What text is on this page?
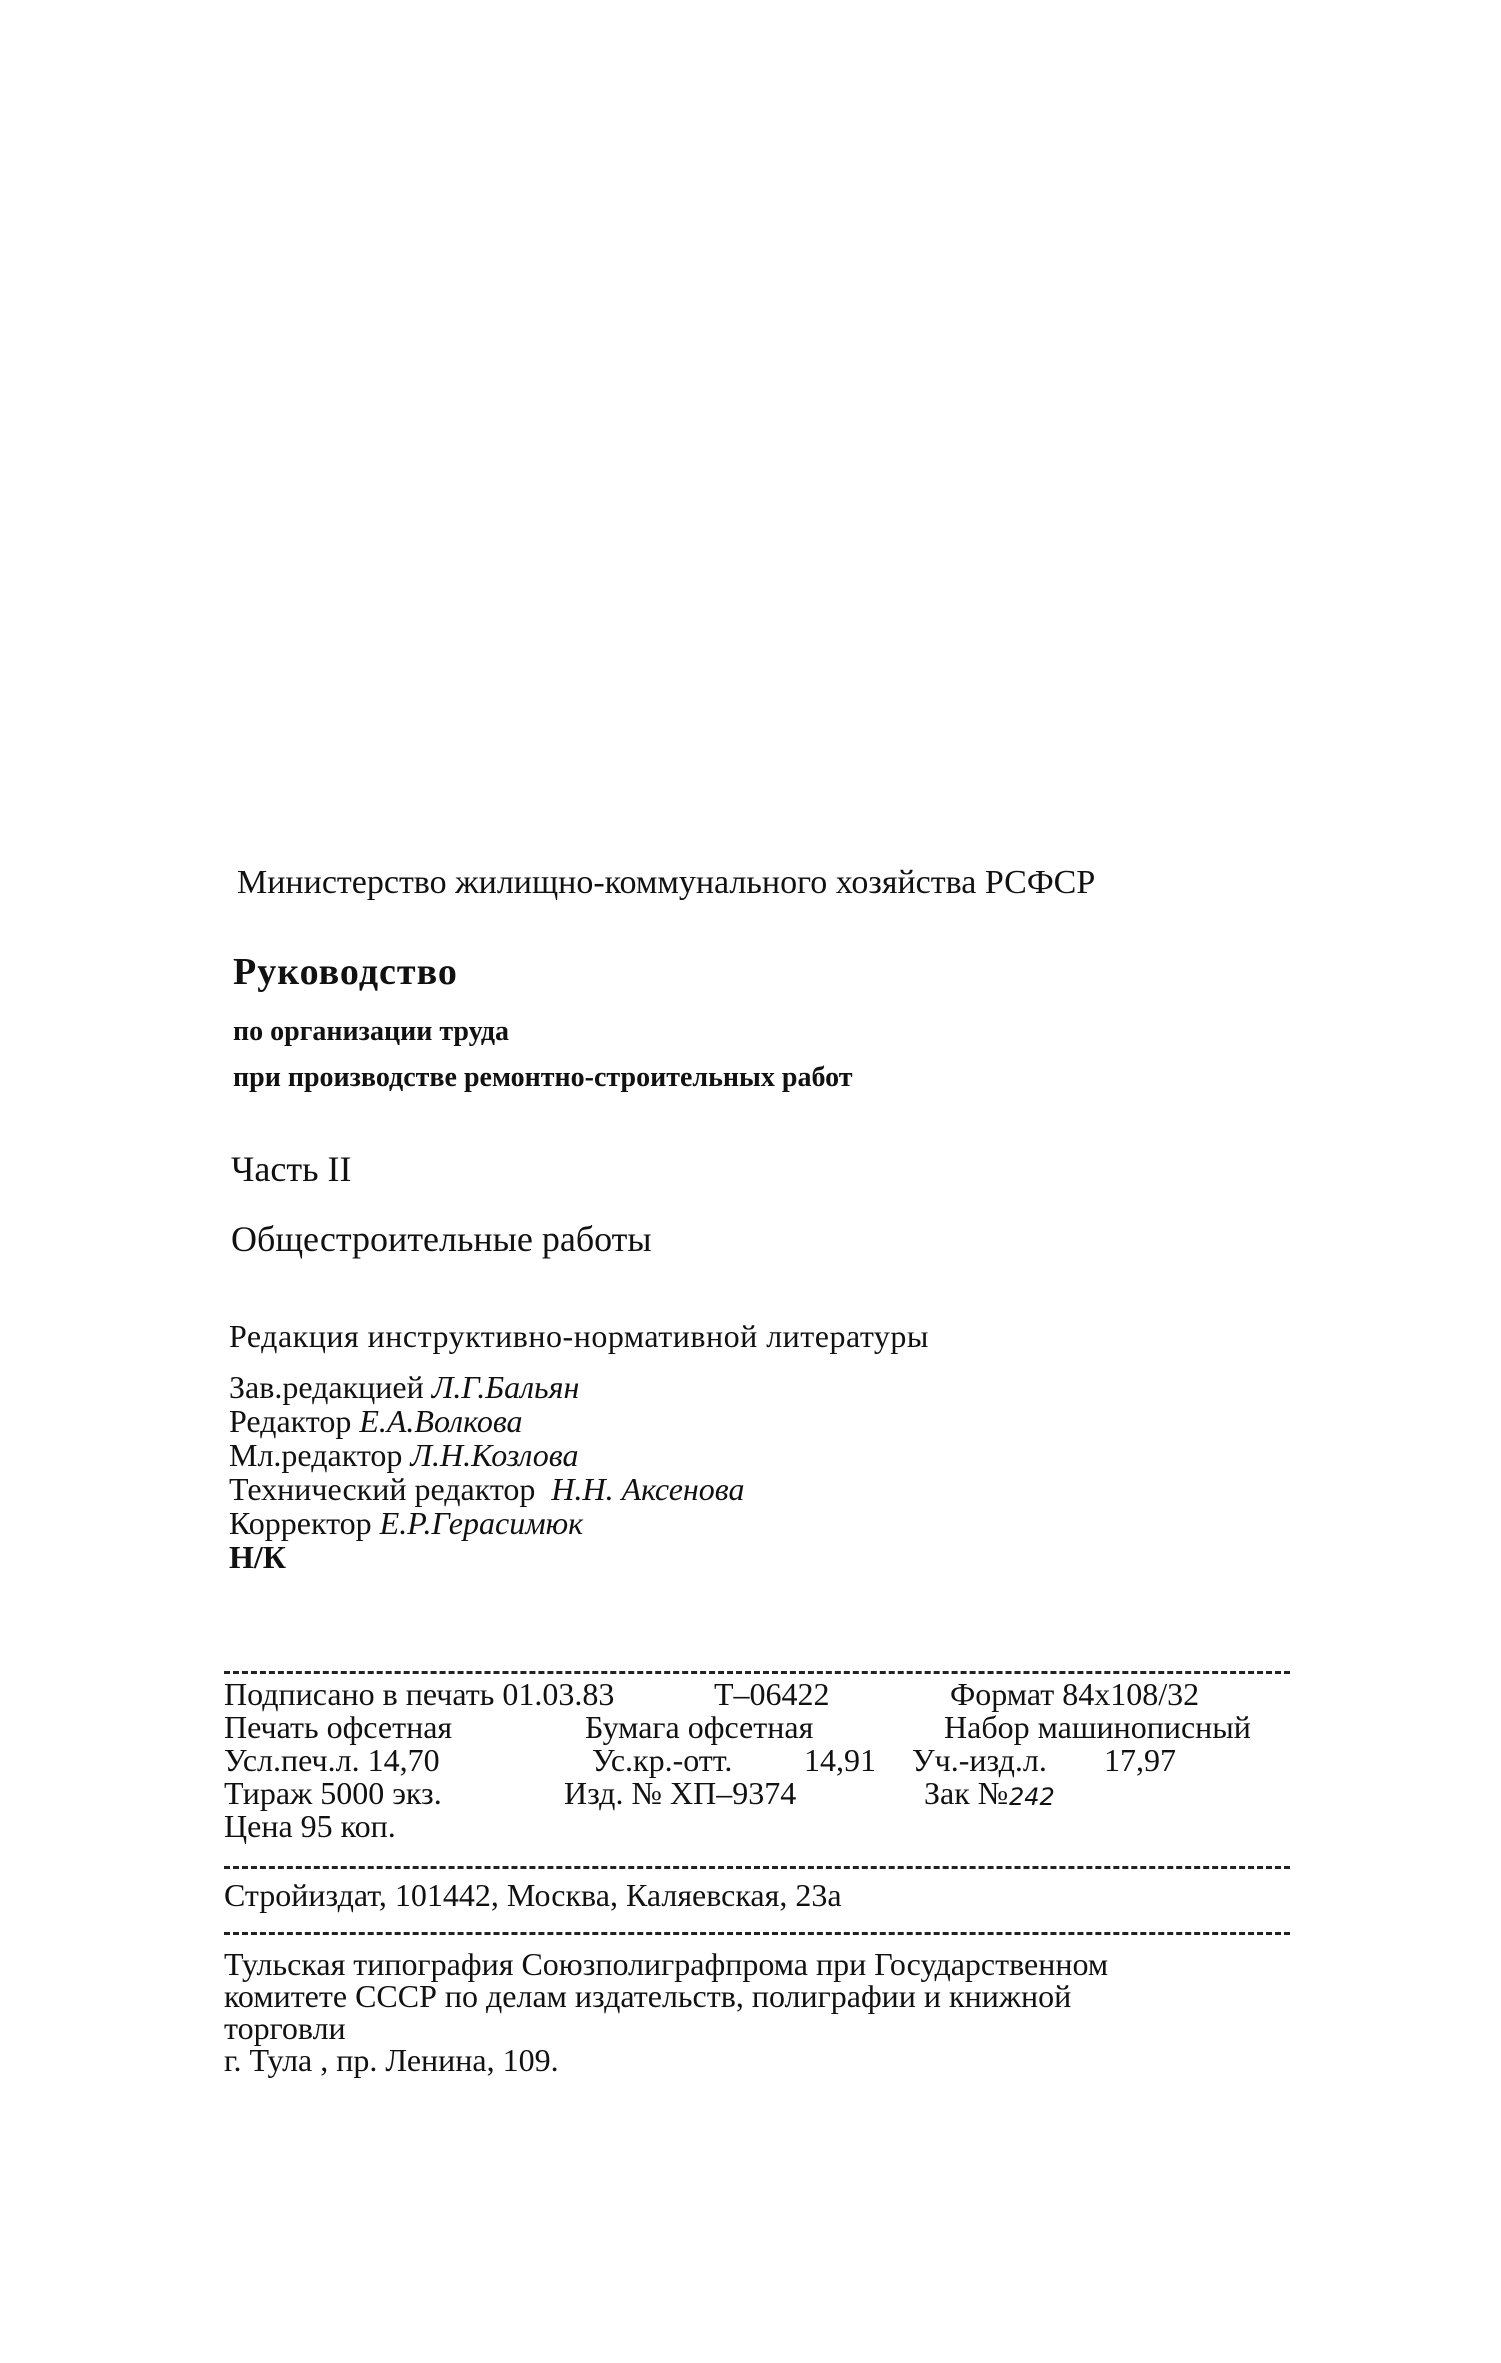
Министерство жилищно-коммунального хозяйства РСФСР
Руководство
по организации труда
при производстве ремонтно-строительных работ
Часть II
Общестроительные работы
Редакция инструктивно-нормативной литературы
Зав.редакцией Л.Г.Бальян
Редактор Е.А.Волкова
Мл.редактор Л.Н.Козлова
Технический редактор Н.Н. Аксенова
Корректор Е.Р.Герасимюк
Н/К
Подписано в печать 01.03.83	Т–06422	Формат 84x108/32
Печать офсетная	Бумага офсетная	Набор машинописный
Усл.печ.л. 14,70	Ус.кр.-отт. 14,91 Уч.-изд.л. 17,97
Тираж 5000 экз.	Изд. № ХП–9374	Зак № 242
Цена 95 коп.
Стройиздат, 101442, Москва, Каляевская, 23а
Тульская типография Союзполиграфпрома при Государственном
комитете СССР по делам издательств, полиграфии и книжной
торговли
г. Тула , пр. Ленина, 109.
